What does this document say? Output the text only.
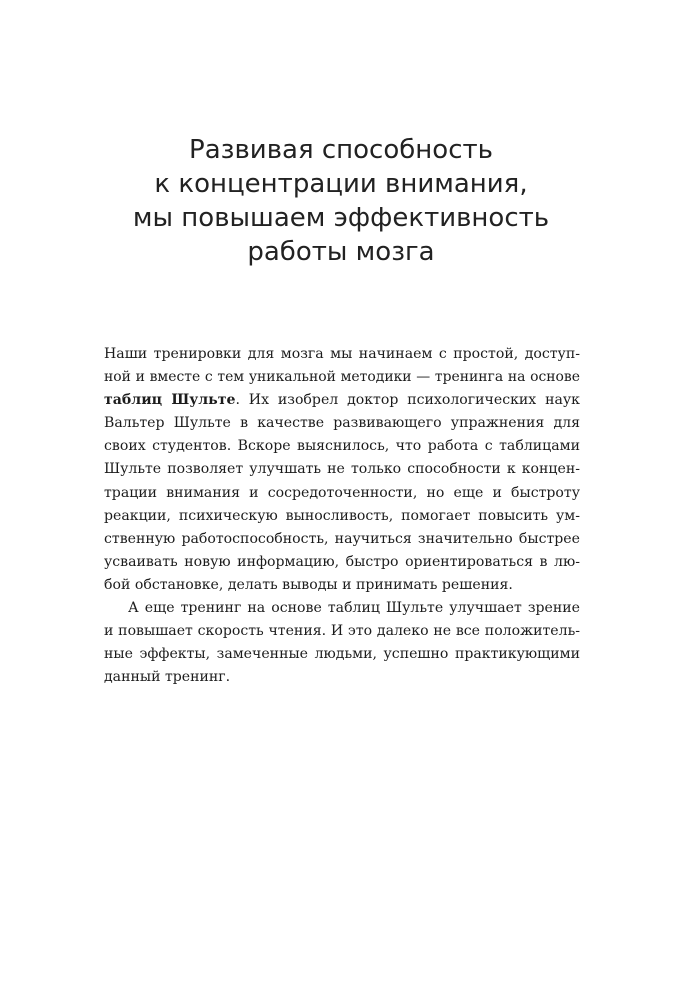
Развивая способность
к концентрации внимания,
мы повышаем эффективность
работы мозга
Наши тренировки для мозга мы начинаем с простой, доступ-
ной и вместе с тем уникальной методики — тренинга на основе
таблиц Шульте. Их изобрел доктор психологических наук
Вальтер Шульте в качестве развивающего упражнения для
своих студентов. Вскоре выяснилось, что работа с таблицами
Шульте позволяет улучшать не только способности к концен-
трации внимания и сосредоточенности, но еще и быстроту
реакции, психическую выносливость, помогает повысить ум-
ственную работоспособность, научиться значительно быстрее
усваивать новую информацию, быстро ориентироваться в лю-
бой обстановке, делать выводы и принимать решения.
А еще тренинг на основе таблиц Шульте улучшает зрение
и повышает скорость чтения. И это далеко не все положитель-
ные эффекты, замеченные людьми, успешно практикующими
данный тренинг.
